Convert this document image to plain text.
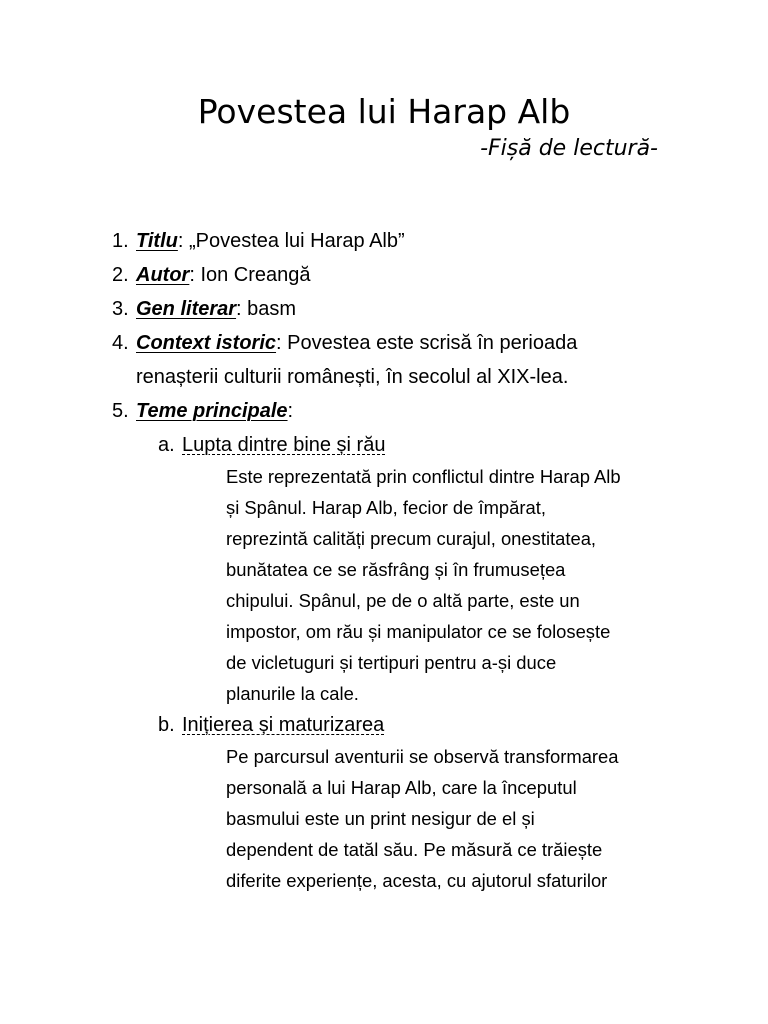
Povestea lui Harap Alb

-Fișă de lectură-

1. Titlu: „Povestea lui Harap Alb”
2. Autor: Ion Creangă
3. Gen literar: basm
4. Context istoric: Povestea este scrisă în perioada
renașterii culturii românești, în secolul al XIX-lea.
5. Teme principale:
a. Lupta dintre bine și rău
Este reprezentată prin conflictul dintre Harap Alb
și Spânul. Harap Alb, fecior de împărat,
reprezintă calități precum curajul, onestitatea,
bunătatea ce se răsfrâng și în frumusețea
chipului. Spânul, pe de o altă parte, este un
impostor, om rău și manipulator ce se folosește
de vicletuguri și tertipuri pentru a-și duce
planurile la cale.
b. Inițierea și maturizarea
Pe parcursul aventurii se observă transformarea
personală a lui Harap Alb, care la începutul
basmului este un print nesigur de el și
dependent de tatăl său. Pe măsură ce trăiește
diferite experiențe, acesta, cu ajutorul sfaturilor
